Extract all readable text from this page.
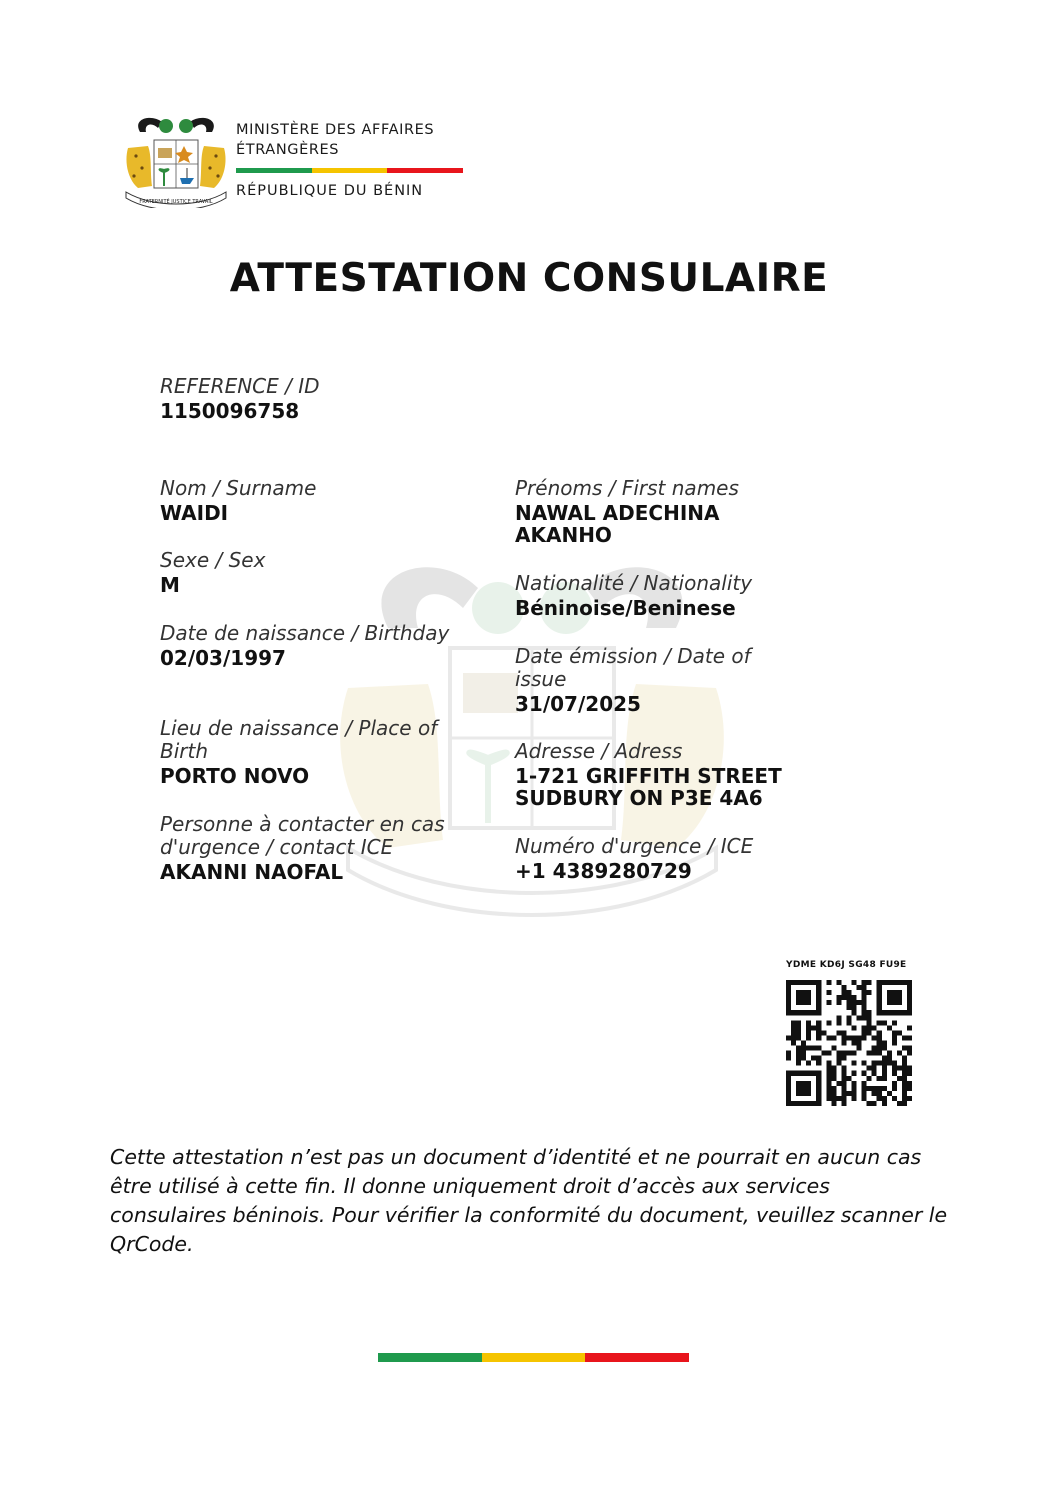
FRATERNITÉ JUSTICE TRAVAIL
MINISTÈRE DES AFFAIRES
ÉTRANGÈRES
RÉPUBLIQUE DU BÉNIN
ATTESTATION CONSULAIRE
REFERENCE / ID
1150096758
Nom / Surname
WAIDI
Sexe / Sex
M
Date de naissance / Birthday
02/03/1997
Lieu de naissance / Place of Birth
PORTO NOVO
Personne à contacter en cas d'urgence / contact ICE
AKANNI NAOFAL
Prénoms / First names
NAWAL ADECHINA AKANHO
Nationalité / Nationality
Béninoise/Beninese
Date émission / Date of issue
31/07/2025
Adresse / Adress
1-721 GRIFFITH STREET SUDBURY ON P3E 4A6
Numéro d'urgence / ICE
+1 4389280729
YDME KD6J SG48 FU9E
Cette attestation n’est pas un document d’identité et ne pourrait en aucun cas être utilisé à cette fin. Il donne uniquement droit d’accès aux services consulaires béninois. Pour vérifier la conformité du document, veuillez scanner le QrCode.
